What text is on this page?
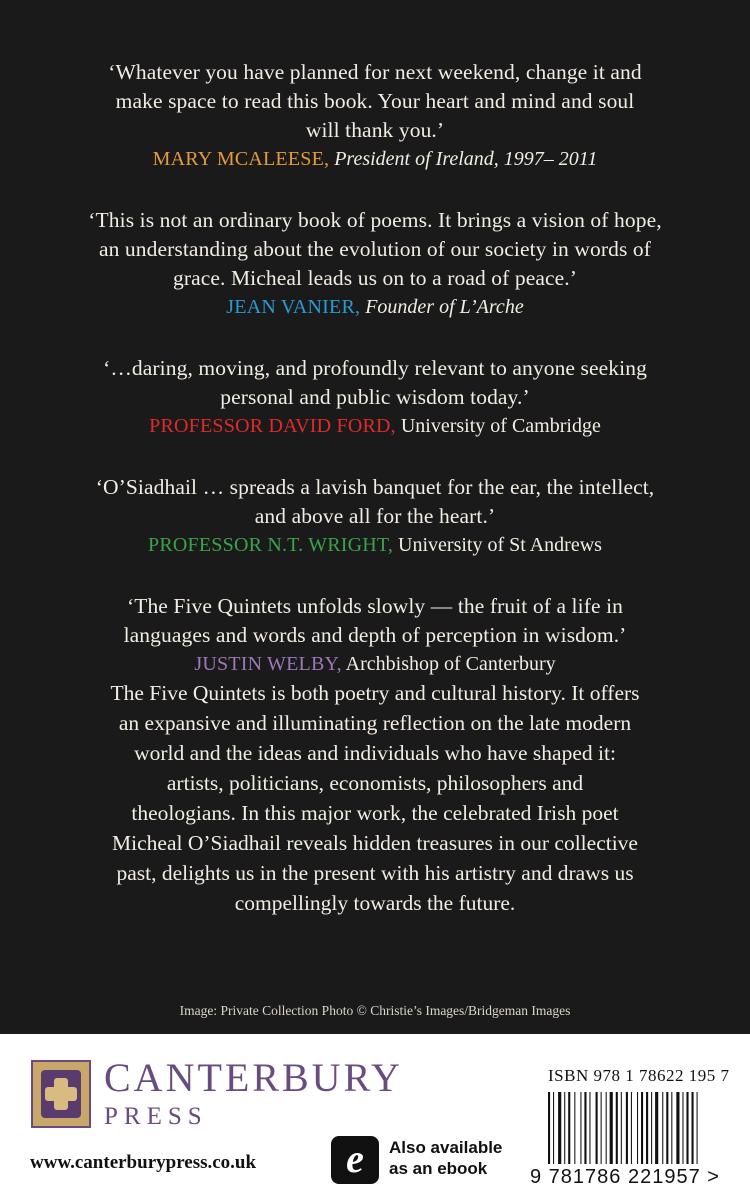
‘Whatever you have planned for next weekend, change it and
make space to read this book. Your heart and mind and soul
will thank you.’
MARY MCALEESE, President of Ireland, 1997– 2011
‘This is not an ordinary book of poems. It brings a vision of hope,
an understanding about the evolution of our society in words of
grace. Micheal leads us on to a road of peace.’
JEAN VANIER, Founder of L’Arche
‘…daring, moving, and profoundly relevant to anyone seeking
personal and public wisdom today.’
PROFESSOR DAVID FORD, University of Cambridge
‘O’Siadhail … spreads a lavish banquet for the ear, the intellect,
and above all for the heart.’
PROFESSOR N.T. WRIGHT, University of St Andrews
‘The Five Quintets unfolds slowly — the fruit of a life in
languages and words and depth of perception in wisdom.’
JUSTIN WELBY, Archbishop of Canterbury
The Five Quintets is both poetry and cultural history. It offers
an expansive and illuminating reflection on the late modern
world and the ideas and individuals who have shaped it:
artists, politicians, economists, philosophers and
theologians. In this major work, the celebrated Irish poet
Micheal O’Siadhail reveals hidden treasures in our collective
past, delights us in the present with his artistry and draws us
compellingly towards the future.
Image: Private Collection Photo © Christie’s Images/Bridgeman Images
CANTERBURY
PRESS
www.canterburypress.co.uk	e	Also available
as an ebook
ISBN 978 1 78622 195 7
9 781786 221957 >
